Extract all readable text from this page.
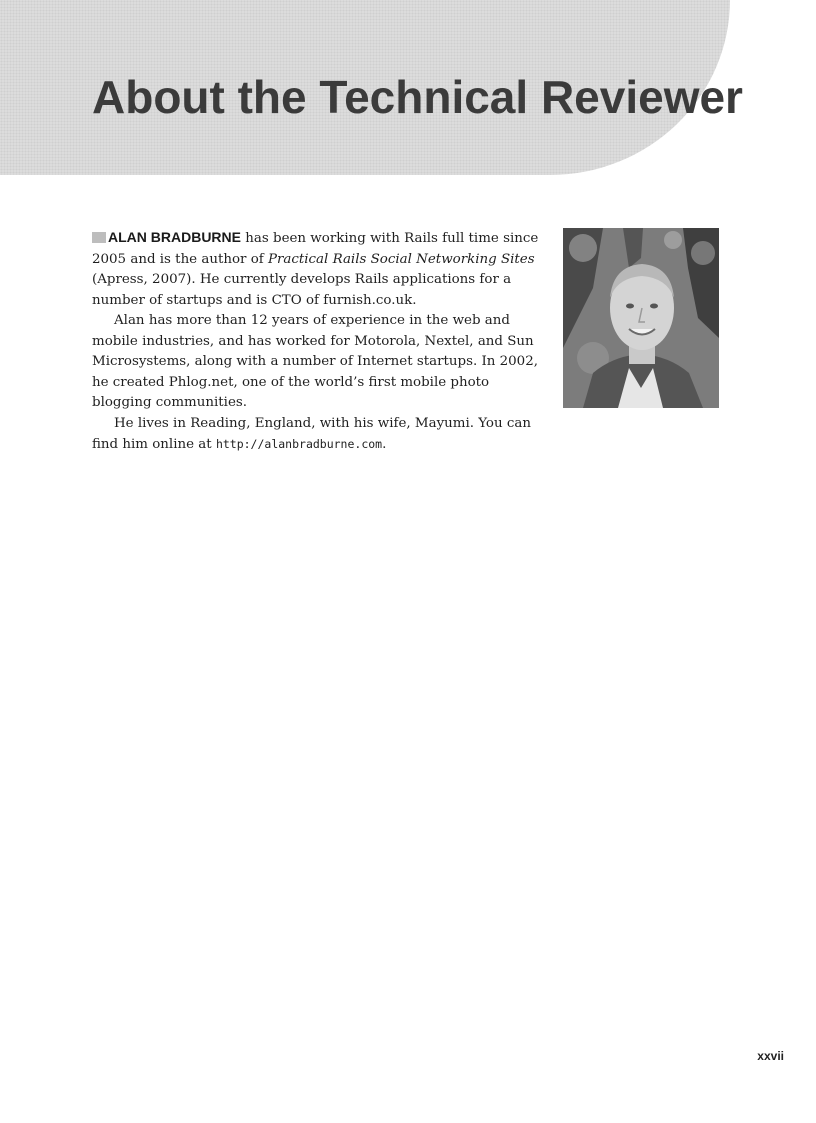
About the Technical Reviewer

ALAN BRADBURNE has been working with Rails full time since 2005 and is the author of Practical Rails Social Networking Sites (Apress, 2007). He currently develops Rails applications for a number of startups and is CTO of furnish.co.uk.

Alan has more than 12 years of experience in the web and mobile industries, and has worked for Motorola, Nextel, and Sun Microsystems, along with a number of Internet startups. In 2002, he created Phlog.net, one of the world’s first mobile photo blogging communities.

He lives in Reading, England, with his wife, Mayumi. You can find him online at http://alanbradburne.com.

xxvii
